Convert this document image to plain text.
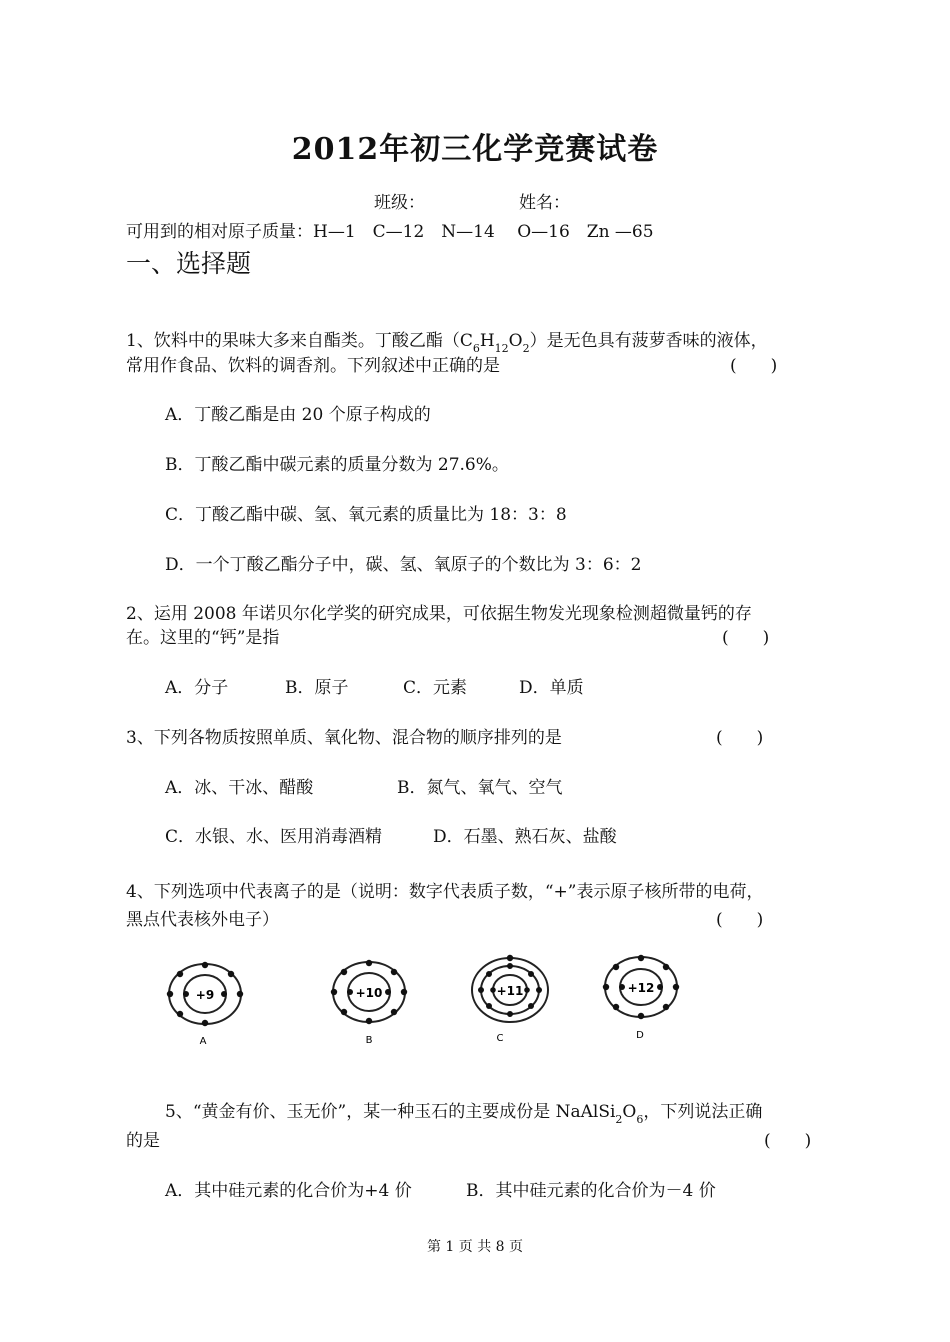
2012年初三化学竞赛试卷
班级：	姓名：
可用到的相对原子质量：H—1　C—12　N—14　 O—16　Zn —65
一、选择题
1、饮料中的果味大多来自酯类。丁酸乙酯$(C_6H_{12}O_2)$是无色具有菠萝香味的液体，
常用作食品、饮料的调香剂。下列叙述中正确的是	(　　)
A．丁酸乙酯是由 20 个原子构成的
B．丁酸乙酯中碳元素的质量分数为 27.6%。
C．丁酸乙酯中碳、氢、氧元素的质量比为 18：3：8
D．一个丁酸乙酯分子中，碳、氢、氧原子的个数比为 3：6：2
2、运用 2008 年诺贝尔化学奖的研究成果，可依据生物发光现象检测超微量钙的存
在。这里的“钙”是指	(　　)
A．分子	B．原子	C．元素	D．单质
3、下列各物质按照单质、氧化物、混合物的顺序排列的是	(　　)
A．冰、干冰、醋酸	B．氮气、氧气、空气
C．水银、水、医用消毒酒精	D．石墨、熟石灰、盐酸
4、下列选项中代表离子的是（说明：数字代表质子数，“+”表示原子核所带的电荷，
黑点代表核外电子）	(　　)
+9
A
+10
B
+11
C
+12
D
5、“黄金有价、玉无价”，某一种玉石的主要成份是 $NaAlSi_2O_6$，下列说法正确
的是	(　　)
A．其中硅元素的化合价为+4 价	B．其中硅元素的化合价为－4 价
第 1 页 共 8 页
